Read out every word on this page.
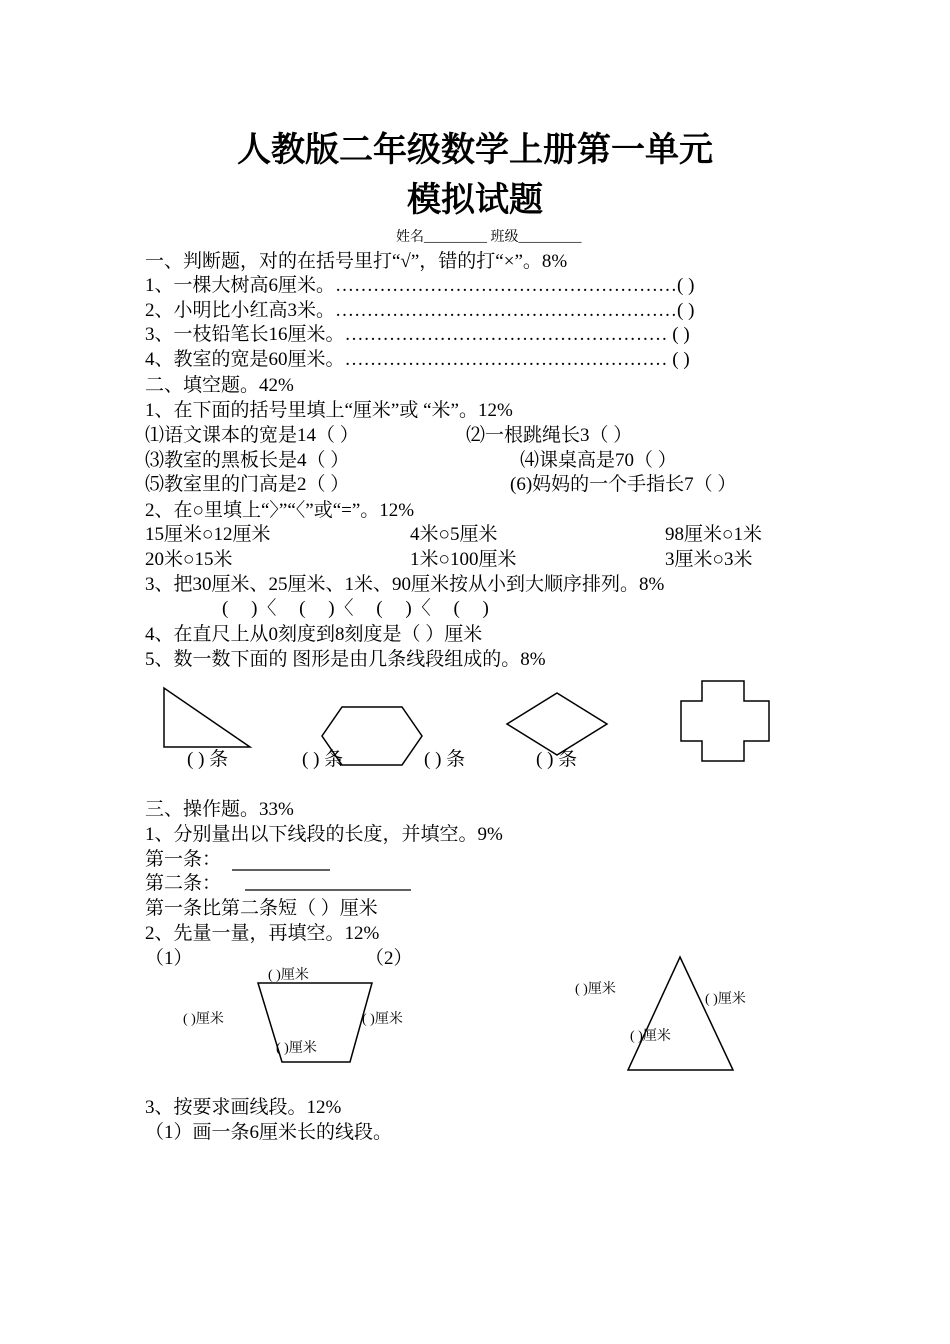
人教版二年级数学上册第一单元
模拟试题
姓名_________ 班级_________
一、判断题，对的在括号里打“√”，错的打“×”。8%
1、一棵大树高6厘米。………………………………………………( )
2、小明比小红高3米。………………………………………………( )
3、一枝铅笔长16厘米。…………………………………………… ( )
4、教室的宽是60厘米。…………………………………………… ( )
二、填空题。42%
1、在下面的括号里填上“厘米”或 “米”。12%
⑴语文课本的宽是14（ ）	⑵一根跳绳长3（ ）
⑶教室的黑板长是4（ ）	⑷课桌高是70（ ）
⑸教室里的门高是2（ ）	(6)妈妈的一个手指长7（ ）
2、在○里填上“〉”“〈”或“=”。12%
15厘米○12厘米	4米○5厘米	98厘米○1米
20米○15米	1米○100厘米	3厘米○3米
3、把30厘米、25厘米、1米、90厘米按从小到大顺序排列。8%
( )〈 ( )〈 ( )〈 ( )
4、在直尺上从0刻度到8刻度是（ ）厘米
5、数一数下面的 图形是由几条线段组成的。8%
( ) 条	( ) 条	( ) 条	( ) 条
三、操作题。33%
1、分别量出以下线段的长度，并填空。9%
第一条：
第二条：
第一条比第二条短（ ）厘米
2、先量一量，再填空。12%
（1）	（2）
( )厘米
( )厘米	( )厘米
( )厘米
( )厘米
( )厘米
( )厘米
3、按要求画线段。12%
（1）画一条6厘米长的线段。
